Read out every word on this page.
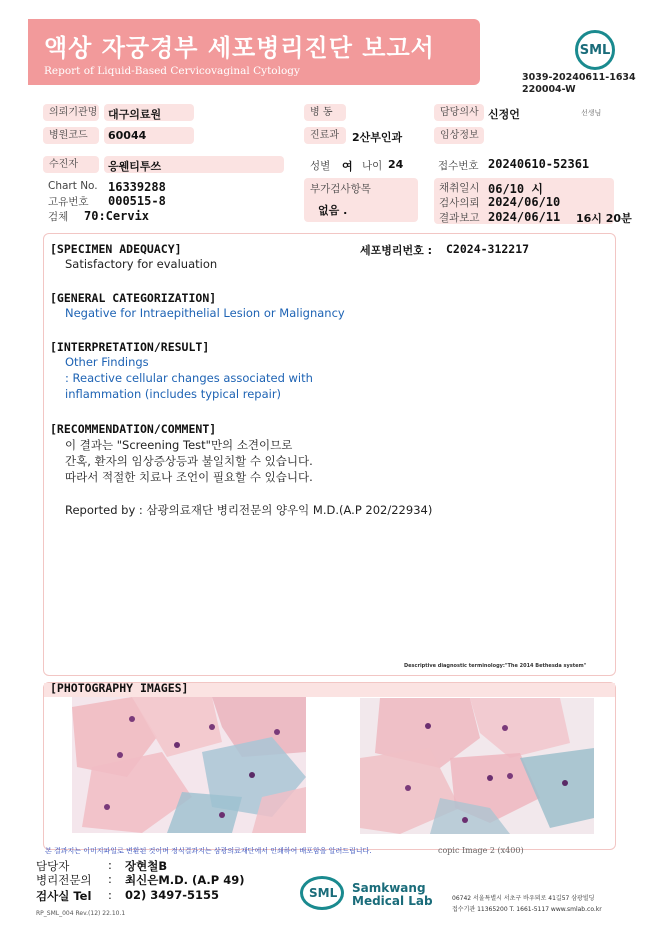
액상 자궁경부 세포병리진단 보고서
Report of Liquid-Based Cervicovaginal Cytology
SML
3039-20240611-1634
220004-W
의뢰기관명 대구의료원	병 동	담당의사 신정언	선생님
병원코드	60044	진료과	2산부인과	임상정보
수진자	응웬티투쓰	성별 여 나이 24	접수번호 20240610-52361
Chart No. 16339288
고유번호 000515-8
검체 70:Cervix
부가검사항목
없음 .
채취일시 06/10 시
검사의뢰 2024/06/10
결과보고 2024/06/11 16시 20분
[SPECIMEN ADEQUACY]
Satisfactory for evaluation
세포병리번호 : C2024-312217
[GENERAL CATEGORIZATION]
Negative for Intraepithelial Lesion or Malignancy
[INTERPRETATION/RESULT]
Other Findings
: Reactive cellular changes associated with
inflammation (includes typical repair)
[RECOMMENDATION/COMMENT]
이 결과는 "Screening Test"만의 소견이므로
간혹, 환자의 임상증상등과 불일치할 수 있습니다.
따라서 적절한 치료나 조언이 필요할 수 있습니다.
Reported by : 삼광의료재단 병리전문의 양우익 M.D.(A.P 202/22934)
Descriptive diagnostic terminology:"The 2014 Bethesda system"
[PHOTOGRAPHY IMAGES]
본 결과지는 이미지파일로 변환된 것이며 정식결과지는 삼광의료재단에서 인쇄하여 배포함을 알려드립니다.	copic Image 2 (x400)
담당자	: 장현철B
병리전문의 : 최신은M.D. (A.P 49)
검사실 Tel : 02) 3497-5155	SML Samkwang
Medical Lab	06742 서울특별시 서초구 바우뫼로 41길57 삼광빌딩
접수기관 11365200 T. 1661-5117 www.smlab.co.kr
RP_SML_004 Rev.(12) 22.10.1
